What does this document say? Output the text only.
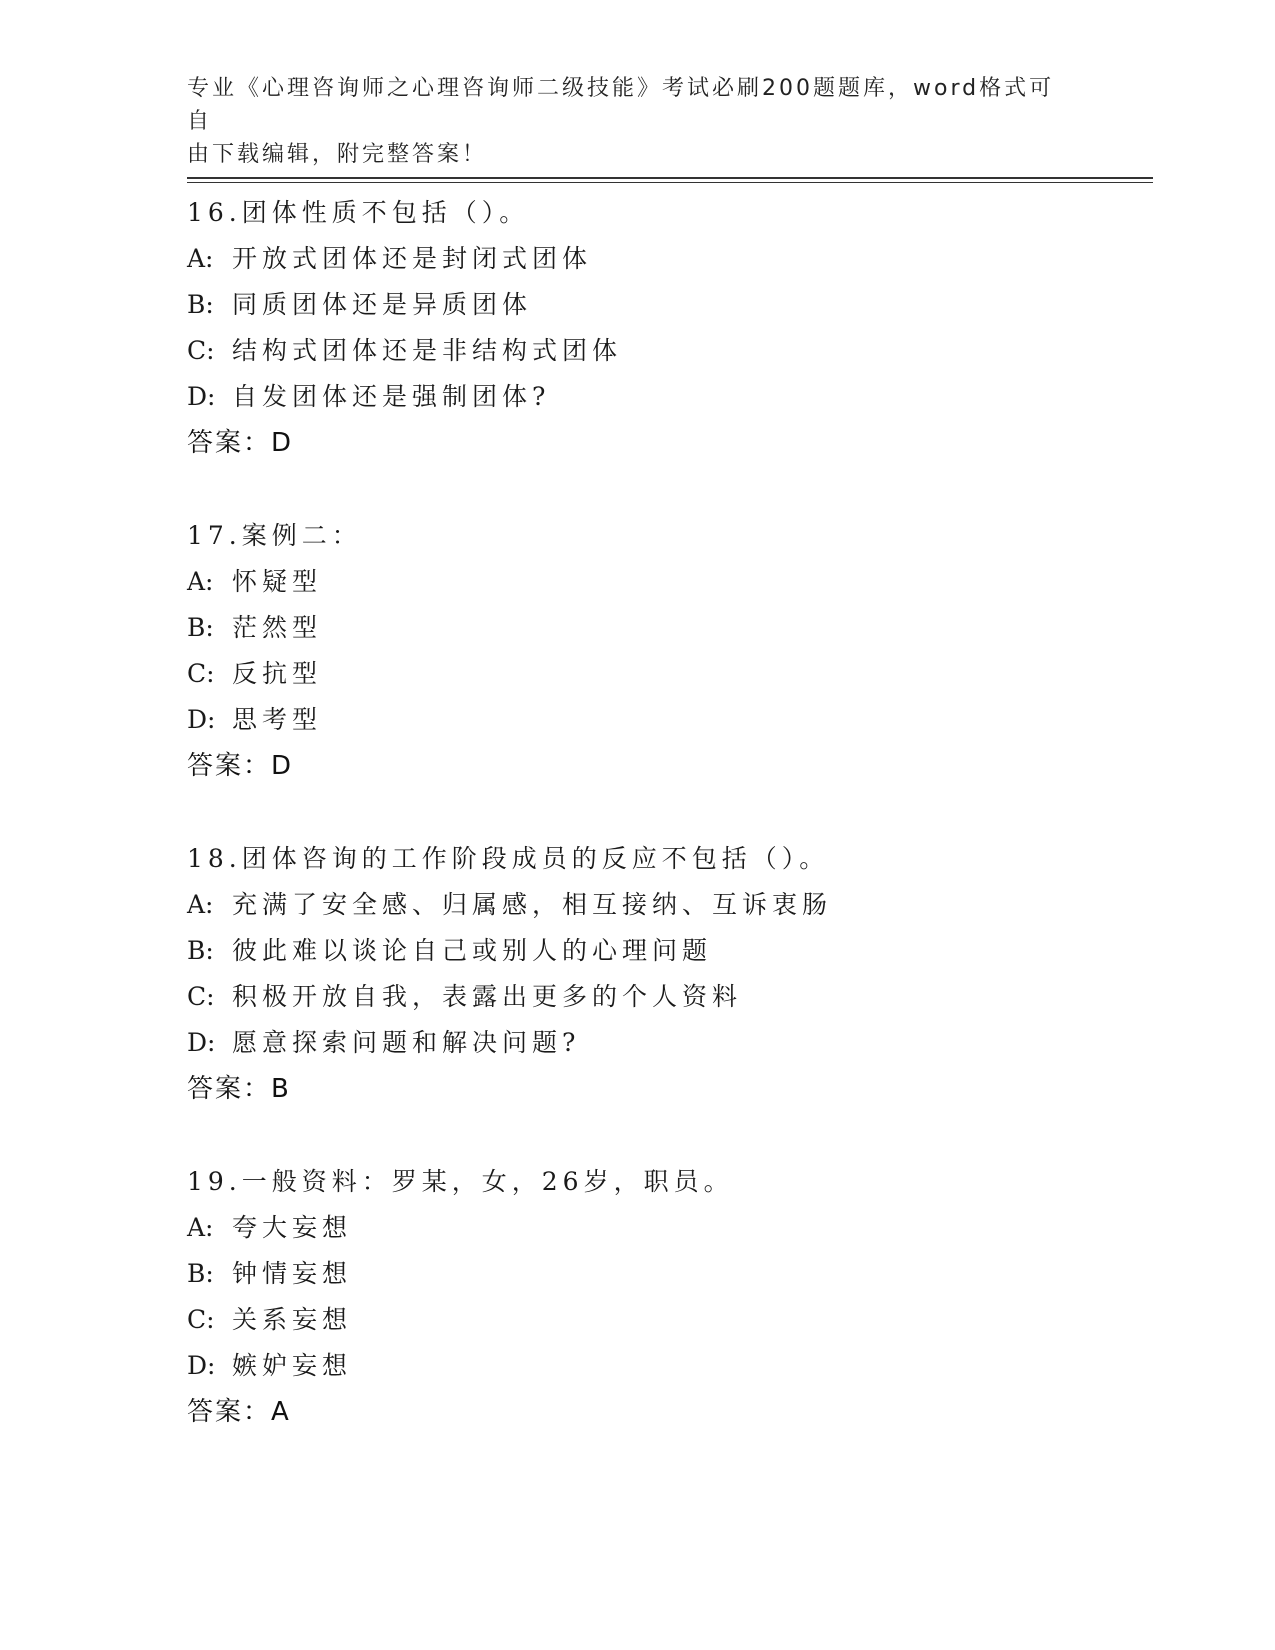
专业《心理咨询师之心理咨询师二级技能》考试必刷200题题库，word格式可自
由下载编辑，附完整答案！
16.团体性质不包括（）。
A: 开放式团体还是封闭式团体
B: 同质团体还是异质团体
C: 结构式团体还是非结构式团体
D: 自发团体还是强制团体?
答案：D
17.案例二：
A: 怀疑型
B: 茫然型
C: 反抗型
D: 思考型
答案：D
18.团体咨询的工作阶段成员的反应不包括（）。
A: 充满了安全感、归属感，相互接纳、互诉衷肠
B: 彼此难以谈论自己或别人的心理问题
C: 积极开放自我，表露出更多的个人资料
D: 愿意探索问题和解决问题?
答案：B
19.一般资料：罗某，女，26岁，职员。
A: 夸大妄想
B: 钟情妄想
C: 关系妄想
D: 嫉妒妄想
答案：A
